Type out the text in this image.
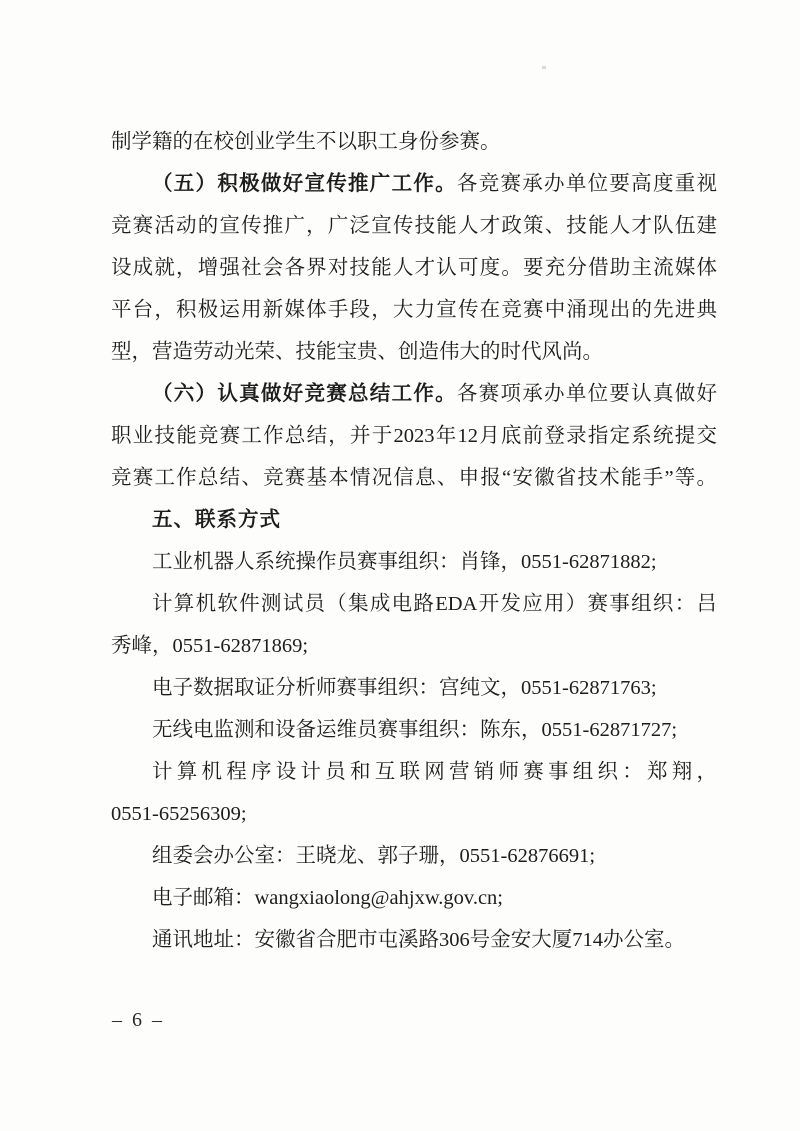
制学籍的在校创业学生不以职工身份参赛。

（五）积极做好宣传推广工作。各竞赛承办单位要高度重视

竞赛活动的宣传推广，广泛宣传技能人才政策、技能人才队伍建

设成就，增强社会各界对技能人才认可度。要充分借助主流媒体

平台，积极运用新媒体手段，大力宣传在竞赛中涌现出的先进典

型，营造劳动光荣、技能宝贵、创造伟大的时代风尚。

（六）认真做好竞赛总结工作。各赛项承办单位要认真做好

职业技能竞赛工作总结，并于2023年12月底前登录指定系统提交

竞赛工作总结、竞赛基本情况信息、申报“安徽省技术能手”等。

五、联系方式

工业机器人系统操作员赛事组织：肖锋，0551-62871882;

计算机软件测试员（集成电路EDA开发应用）赛事组织：吕

秀峰，0551-62871869;

电子数据取证分析师赛事组织：宫纯文，0551-62871763;

无线电监测和设备运维员赛事组织：陈东，0551-62871727;

计算机程序设计员和互联网营销师赛事组织：郑翔，

0551-65256309;

组委会办公室：王晓龙、郭子珊，0551-62876691;

电子邮箱：wangxiaolong@ahjxw.gov.cn;

通讯地址：安徽省合肥市屯溪路306号金安大厦714办公室。

– 6 –
